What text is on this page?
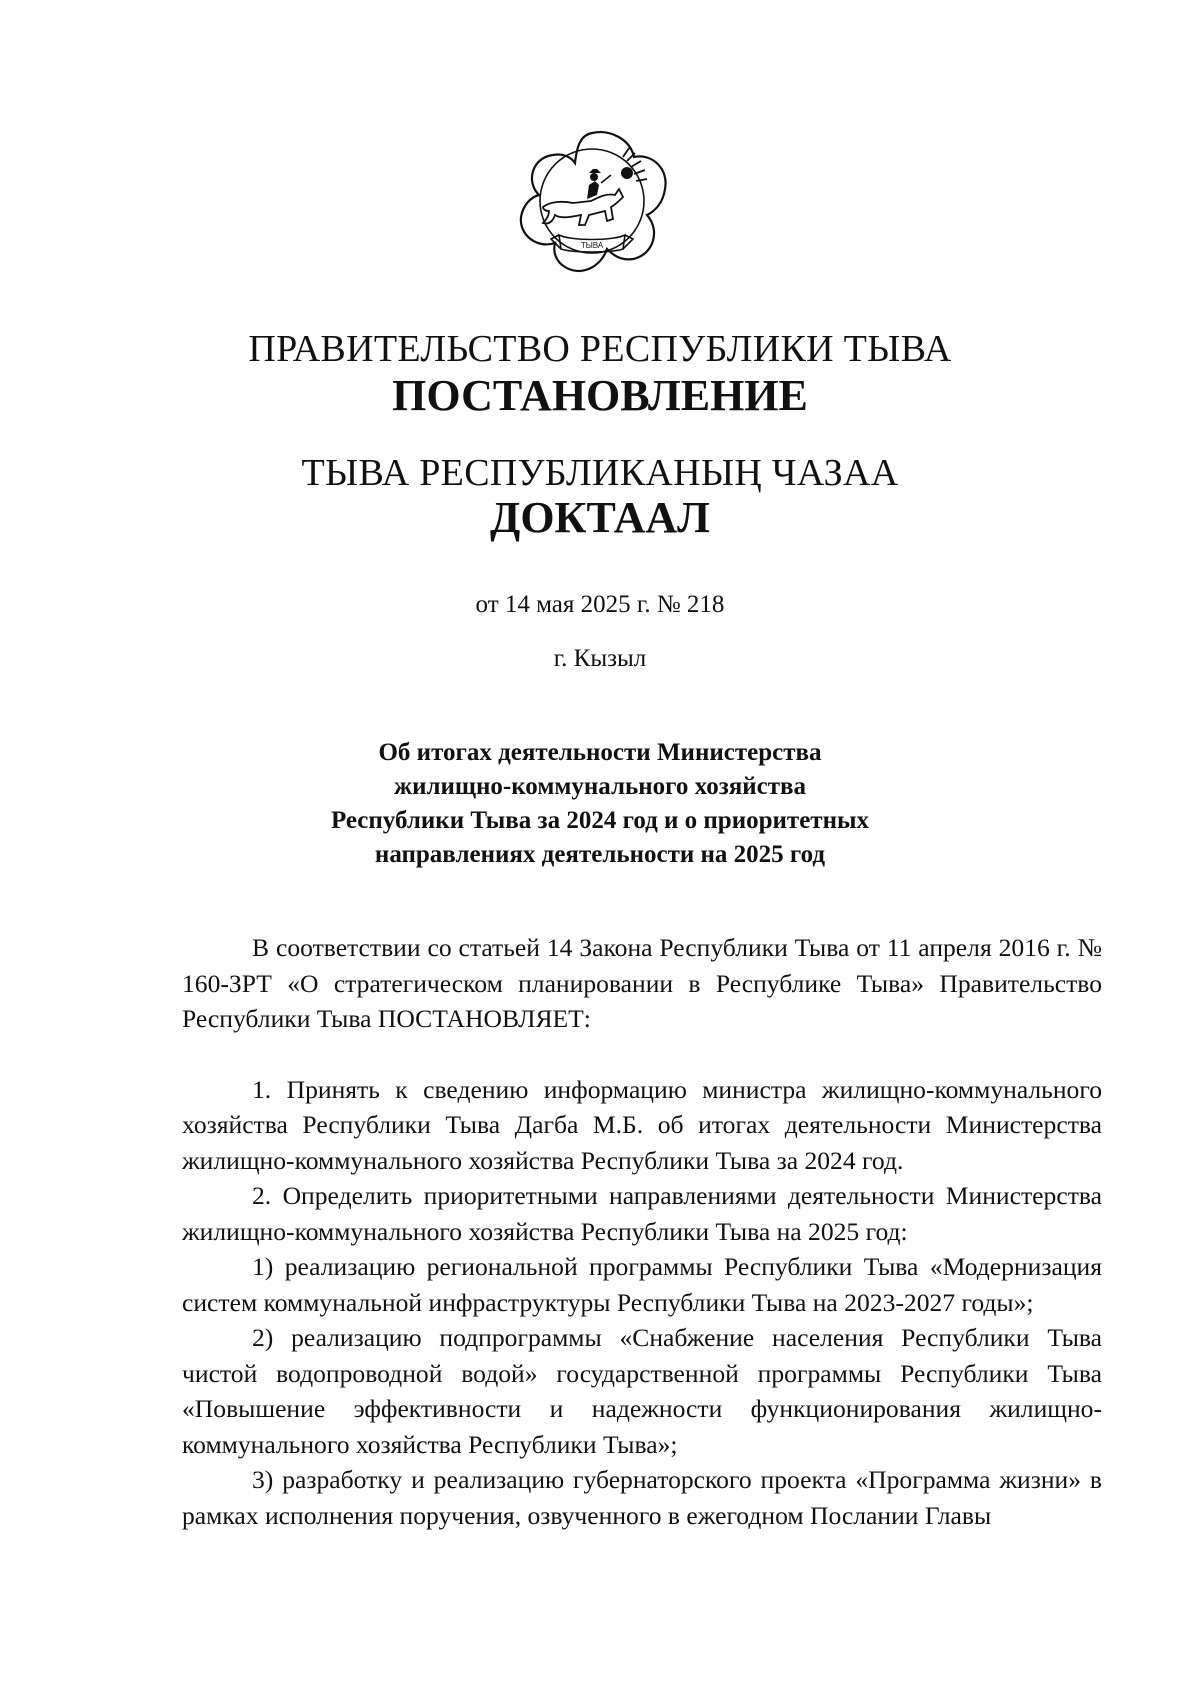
ТЫВА
ПРАВИТЕЛЬСТВО РЕСПУБЛИКИ ТЫВА
ПОСТАНОВЛЕНИЕ
ТЫВА РЕСПУБЛИКАНЫҢ ЧАЗАА
ДОКТААЛ
от 14 мая 2025 г. № 218
г. Кызыл
Об итогах деятельности Министерства
жилищно-коммунального хозяйства
Республики Тыва за 2024 год и о приоритетных
направлениях деятельности на 2025 год

В соответствии со статьей 14 Закона Республики Тыва от 11 апреля 2016 г. № 160-ЗРТ «О стратегическом планировании в Республике Тыва» Правительство Республики Тыва ПОСТАНОВЛЯЕТ:

1. Принять к сведению информацию министра жилищно-коммунального хозяйства Республики Тыва Дагба М.Б. об итогах деятельности Министерства жилищно-коммунального хозяйства Республики Тыва за 2024 год.

2. Определить приоритетными направлениями деятельности Министерства жилищно-коммунального хозяйства Республики Тыва на 2025 год:

1) реализацию региональной программы Республики Тыва «Модернизация систем коммунальной инфраструктуры Республики Тыва на 2023-2027 годы»;

2) реализацию подпрограммы «Снабжение населения Республики Тыва чистой водопроводной водой» государственной программы Республики Тыва «Повышение эффективности и надежности функционирования жилищно-коммунального хозяйства Республики Тыва»;

3) разработку и реализацию губернаторского проекта «Программа жизни» в рамках исполнения поручения, озвученного в ежегодном Послании Главы
